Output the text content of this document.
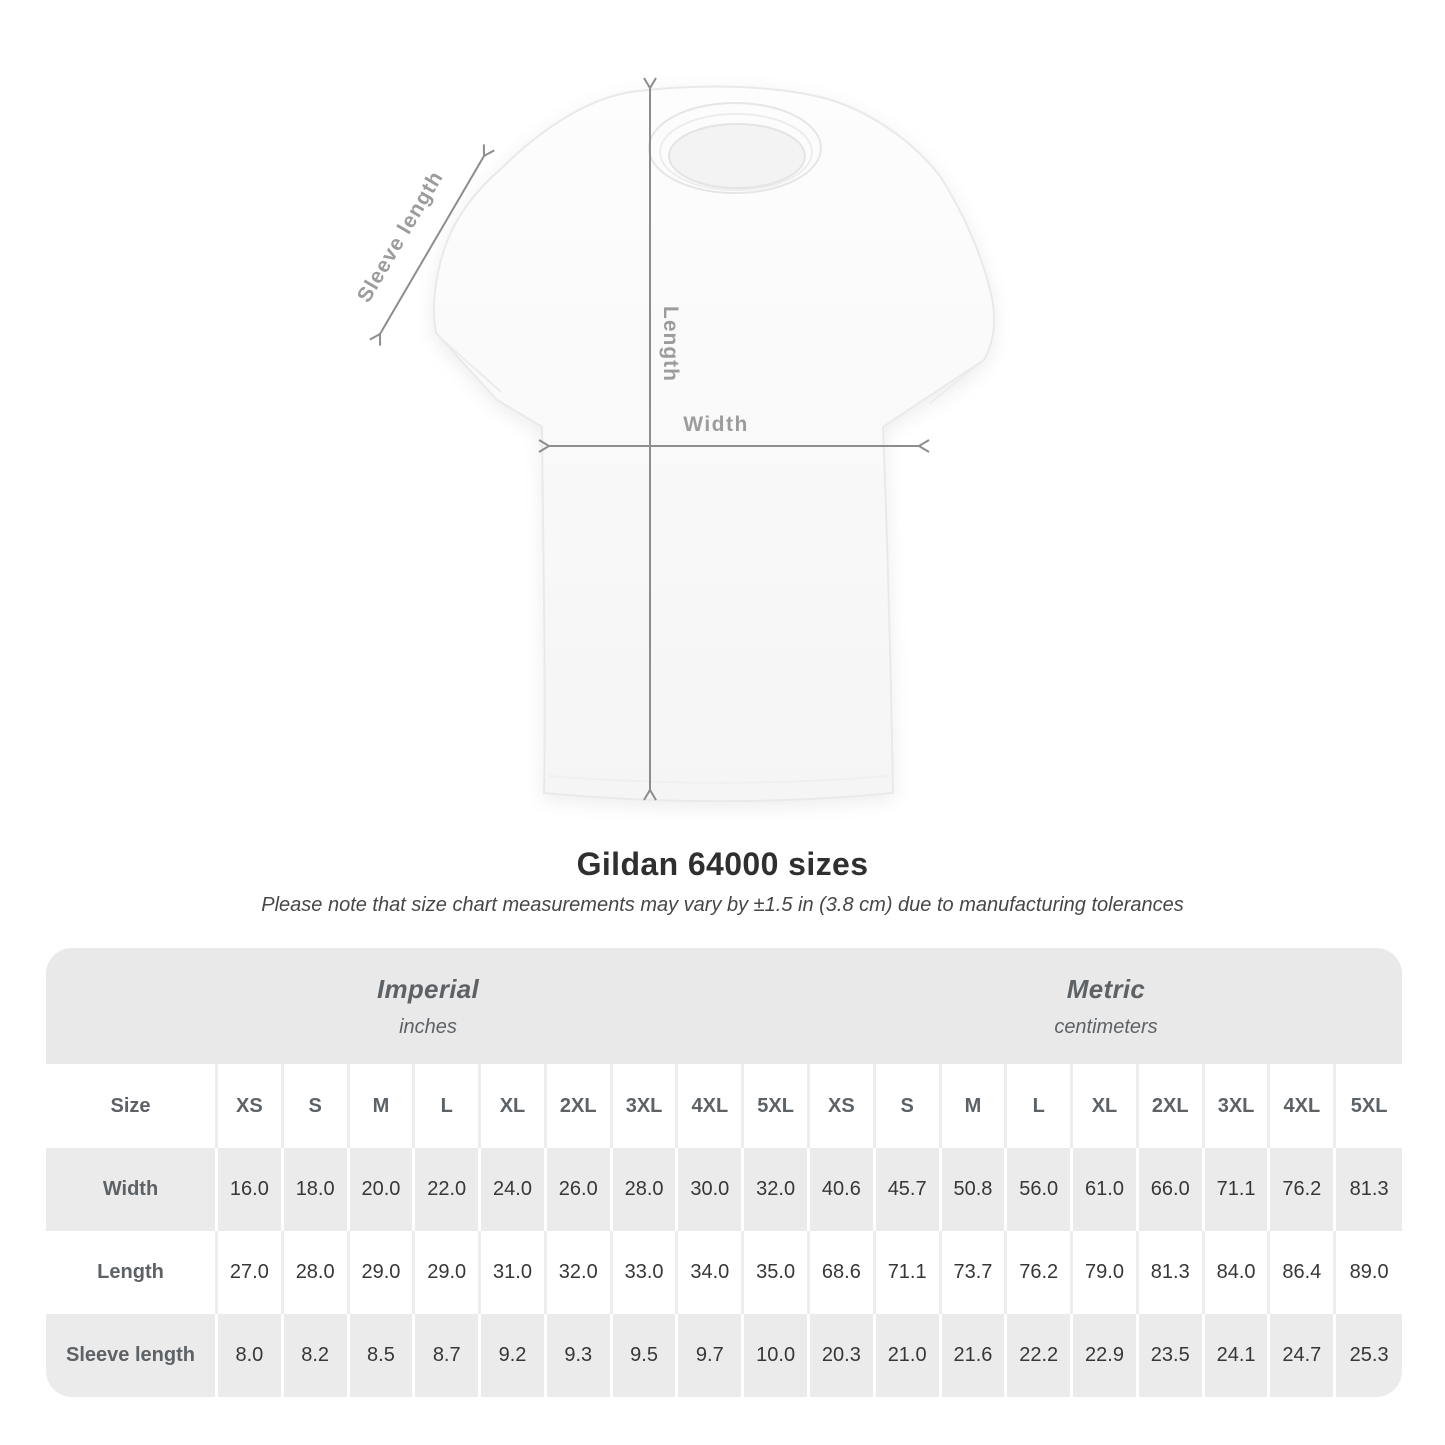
Sleeve length
Length
Width
Gildan 64000 sizes
Please note that size chart measurements may vary by ±1.5 in (3.8 cm) due to manufacturing tolerances
Imperial
inches
Metric
centimeters
Size	XS	S	M	L	XL	2XL	3XL	4XL	5XL	XS	S	M	L	XL	2XL	3XL	4XL	5XL
Width	16.0	18.0	20.0	22.0	24.0	26.0	28.0	30.0	32.0	40.6	45.7	50.8	56.0	61.0	66.0	71.1	76.2	81.3
Length	27.0	28.0	29.0	29.0	31.0	32.0	33.0	34.0	35.0	68.6	71.1	73.7	76.2	79.0	81.3	84.0	86.4	89.0
Sleeve length	8.0	8.2	8.5	8.7	9.2	9.3	9.5	9.7	10.0	20.3	21.0	21.6	22.2	22.9	23.5	24.1	24.7	25.3
